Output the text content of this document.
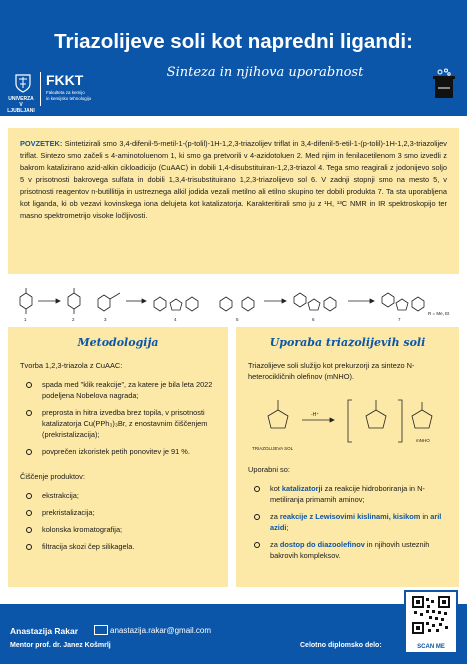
Triazolijeve soli kot napredni ligandi:
Sinteza in njihova uporabnost
UNIVERZA
V LJUBLJANI
FKKT
Fakulteta za kemijo
in kemijsko tehnologijo
POVZETEK: Sintetizirali smo 3,4-difenil-5-metil-1-(p-tolil)-1H-1,2,3-triazolijev triflat in 3,4-difenil-5-etil-1-(p-tolil)-1H-1,2,3-triazolijev triflat. Sintezo smo začeli s 4-aminotoluenom 1, ki smo ga pretvorili v 4-azidotoluen 2. Med njim in fenilacetilenom 3 smo izvedli z bakrom katalizirano azid-alkin cikloadicijo (CuAAC) in dobili 1,4-disubstituiran-1,2,3-triazol 4. Tega smo reagirali z jodonijevo soljo 5 v prisotnosti bakrovega sulfata in dobili 1,3,4-trisubstituirano 1,2,3-triazolijevo sol 6. V zadnji stopnji smo na mesto 5, v prisotnosti reagentov n-butillitija in ustreznega alkil jodida vezali metilno ali etilno skupino ter dobili produkta 7. Ta sta uporabljena kot liganda, ki ob vezavi kovinskega iona delujeta kot katalizatorja. Karakteritirali smo ju z ¹H, ¹³C NMR in IR spektroskopijo ter masno spektrometrijo visoke ločljivosti.
1	2	3	4	5	6	7
R = Me, Et
Metodologija

Tvorba 1,2,3-triazola z CuAAC:

spada med "klik reakcije", za katere je bila leta 2022 podeljena Nobelova nagrada;
preprosta in hitra izvedba brez topila, v prisotnosti katalizatorja Cu(PPh₃)₃Br, z enostavnim čiščenjem (prekristalizacija);
povprečen izkoristek petih ponovitev je 91 %.

Čiščenje produktov:

ekstrakcija;
prekristalizacija;
kolonska kromatografija;
filtracija skozi čep silikagela.
Uporaba triazolijevih soli

Triazolijeve soli služijo kot prekurzorji za sintezo N-heterocikličnih olefinov (mNHO).

-H⁺
TRIAZOLIJEVA SOL
mNHO

Uporabni so:

kot katalizatorji za reakcije hidroboriranja in N-metiliranja primarnih aminov;
za reakcije z Lewisovimi kislinami, kisikom in aril azidi;
za dostop do diazoolefinov in njihovih usteznih bakrovih kompleksov.
Anastazija Rakar	anastazija.rakar@gmail.com
Mentor prof. dr. Janez Košmrlj	Celotno diplomsko delo:	SCAN ME
